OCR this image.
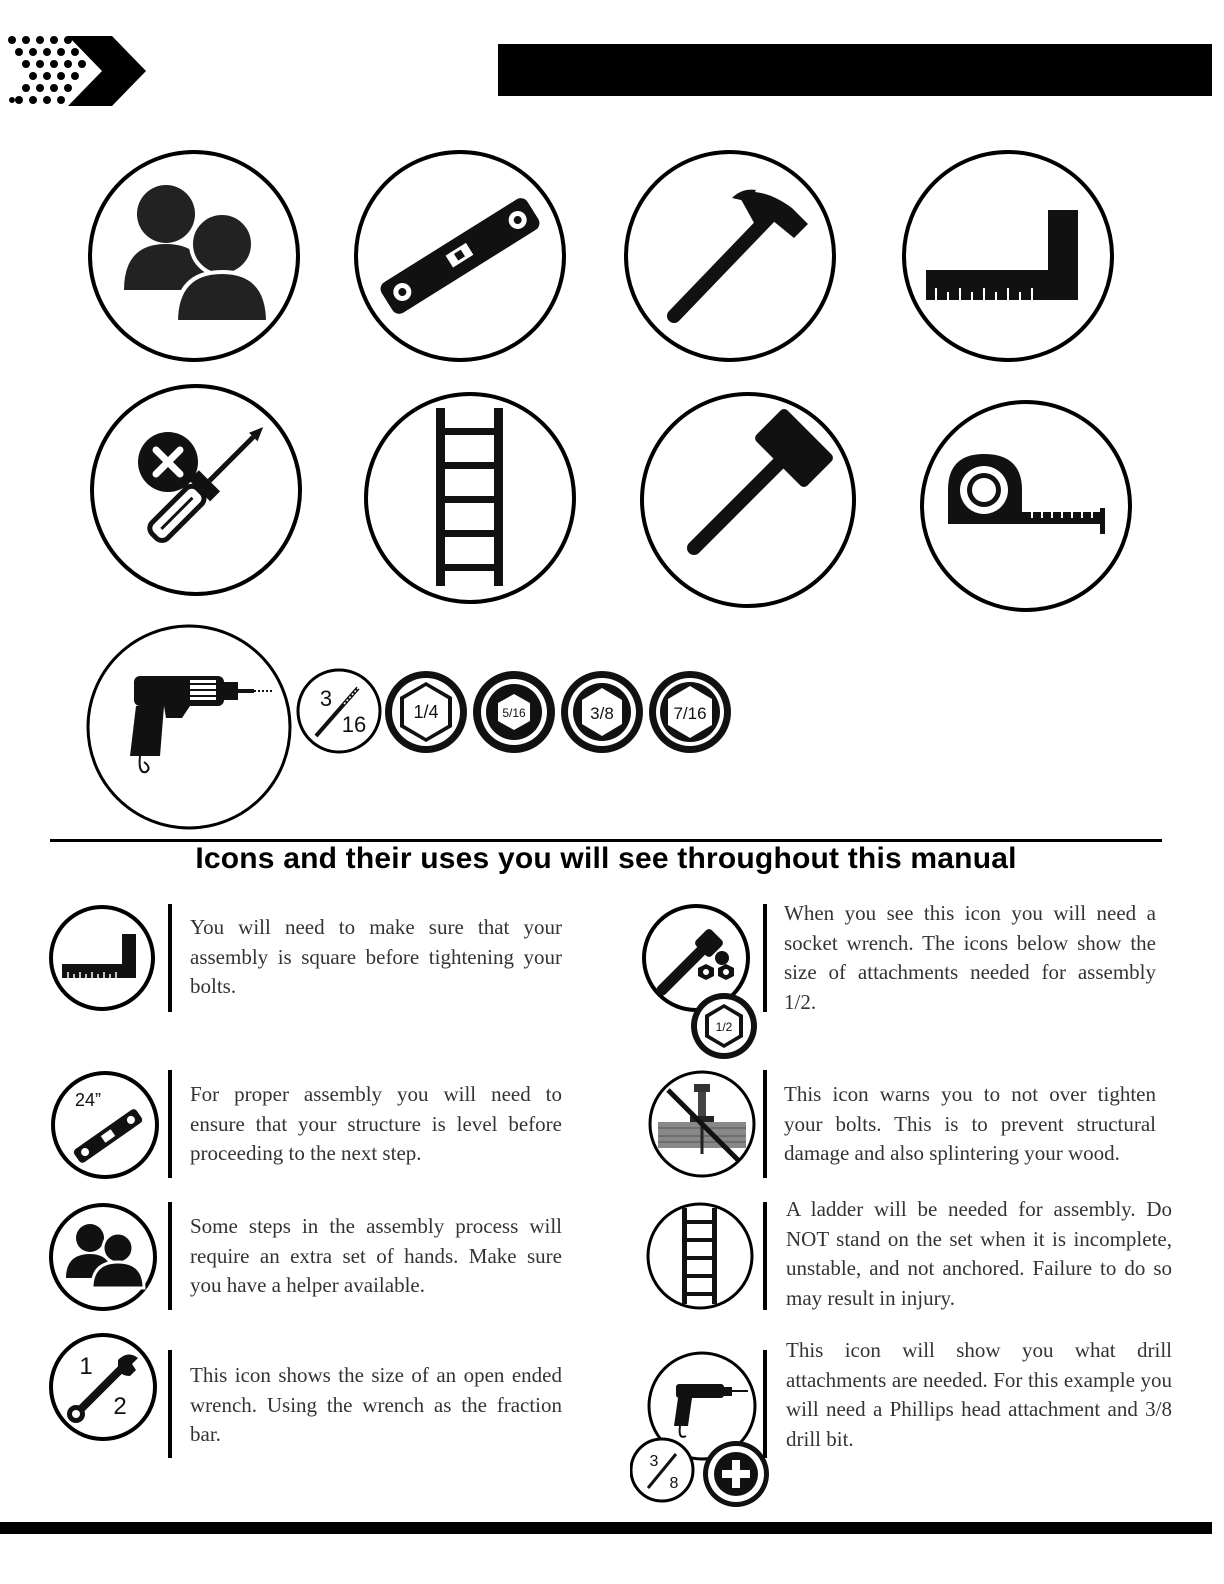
3
16	1/4	5/16	3/8	7/16
Icons and their uses you will see throughout this manual
You will need to make sure that your assembly is square before tightening your bolts.
1/2
When you see this icon you will need a socket wrench. The icons below show the size of attachments needed for assembly 1/2.
24”	For proper assembly you will need to ensure that your structure is level before proceeding to the next step.
This icon warns you to not over tighten your bolts. This is to prevent structural damage and also splintering your wood.
Some steps in the assembly process will require an extra set of hands. Make sure you have a helper available.
A ladder will be needed for assembly. Do NOT stand on the set when it is incomplete, unstable, and not anchored. Failure to do so may result in injury.
1
2
This icon shows the size of an open ended wrench. Using the wrench as the fraction bar.
3
8
This icon will show you what drill attachments are needed. For this example you will need a Phillips head attachment and 3/8 drill bit.
